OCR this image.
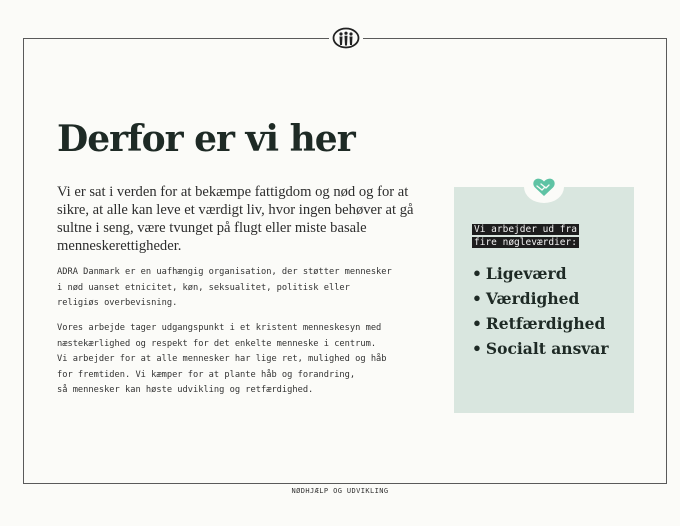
Derfor er vi her
Vi er sat i verden for at bekæmpe fattigdom og nød og for at sikre, at alle kan leve et værdigt liv, hvor ingen behøver at gå sultne i seng, være tvunget på flugt eller miste basale menneskerettigheder.
ADRA Danmark er en uafhængig organisation, der støtter mennesker
i nød uanset etnicitet, køn, seksualitet, politisk eller
religiøs overbevisning.
Vores arbejde tager udgangspunkt i et kristent menneskesyn med
næstekærlighed og respekt for det enkelte menneske i centrum.
Vi arbejder for at alle mennesker har lige ret, mulighed og håb
for fremtiden. Vi kæmper for at plante håb og forandring,
så mennesker kan høste udvikling og retfærdighed.
Vi arbejder ud fra
fire nøgleværdier:
• Ligeværd
• Værdighed
• Retfærdighed
• Socialt ansvar
NØDHJÆLP OG UDVIKLING
